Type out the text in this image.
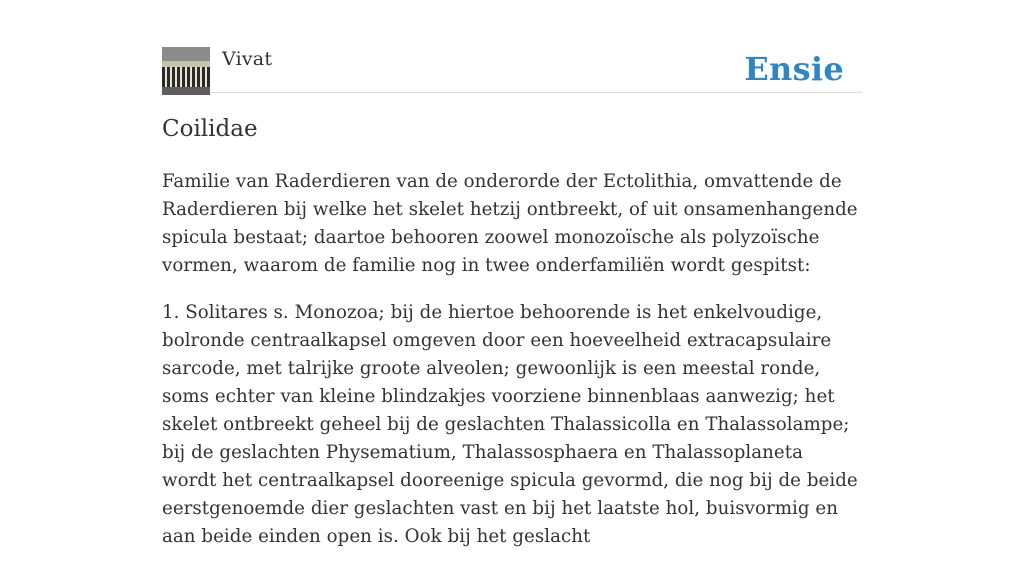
Vivat	Ensie
Coilidae

Familie van Raderdieren van de onderorde der Ectolithia, omvattende de Raderdieren bij welke het skelet hetzij ontbreekt, of uit onsamenhangende spicula bestaat; daartoe behooren zoowel monozoïsche als polyzoïsche vormen, waarom de familie nog in twee onderfamiliën wordt gespitst:

1. Solitares s. Monozoa; bij de hiertoe behoorende is het enkelvoudige, bolronde centraalkapsel omgeven door een hoeveelheid extracapsulaire sarcode, met talrijke groote alveolen; gewoonlijk is een meestal ronde, soms echter van kleine blindzakjes voorziene binnenblaas aanwezig; het skelet ontbreekt geheel bij de geslachten Thalassicolla en Thalassolampe; bij de geslachten Physematium, Thalassosphaera en Thalassoplaneta wordt het centraalkapsel dooreenige spicula gevormd, die nog bij de beide eerstgenoemde dier geslachten vast en bij het laatste hol, buisvormig en aan beide einden open is. Ook bij het geslacht
